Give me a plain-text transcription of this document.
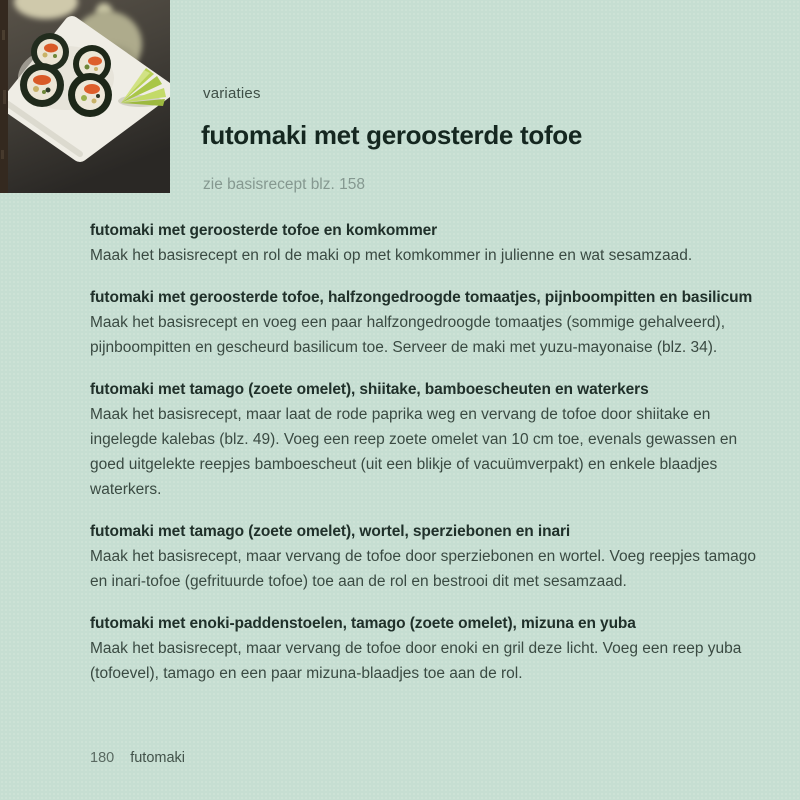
variaties
futomaki met geroosterde tofoe
zie basisrecept blz. 158
futomaki met geroosterde tofoe en komkommer

Maak het basisrecept en rol de maki op met komkommer in julienne en wat sesamzaad.

futomaki met geroosterde tofoe, halfzongedroogde tomaatjes, pijnboompitten en basilicum

Maak het basisrecept en voeg een paar halfzongedroogde tomaatjes (sommige gehalveerd), pijnboompitten en gescheurd basilicum toe. Serveer de maki met yuzu-mayonaise (blz. 34).

futomaki met tamago (zoete omelet), shiitake, bamboescheuten en waterkers

Maak het basisrecept, maar laat de rode paprika weg en vervang de tofoe door shiitake en ingelegde kalebas (blz. 49). Voeg een reep zoete omelet van 10 cm toe, evenals gewassen en goed uitgelekte reepjes bamboescheut (uit een blikje of vacuümverpakt) en enkele blaadjes waterkers.

futomaki met tamago (zoete omelet), wortel, sperziebonen en inari

Maak het basisrecept, maar vervang de tofoe door sperziebonen en wortel. Voeg reepjes tamago en inari-tofoe (gefrituurde tofoe) toe aan de rol en bestrooi dit met sesamzaad.

futomaki met enoki-paddenstoelen, tamago (zoete omelet), mizuna en yuba

Maak het basisrecept, maar vervang de tofoe door enoki en gril deze licht. Voeg een reep yuba (tofoevel), tamago en een paar mizuna-blaadjes toe aan de rol.

180 futomaki
